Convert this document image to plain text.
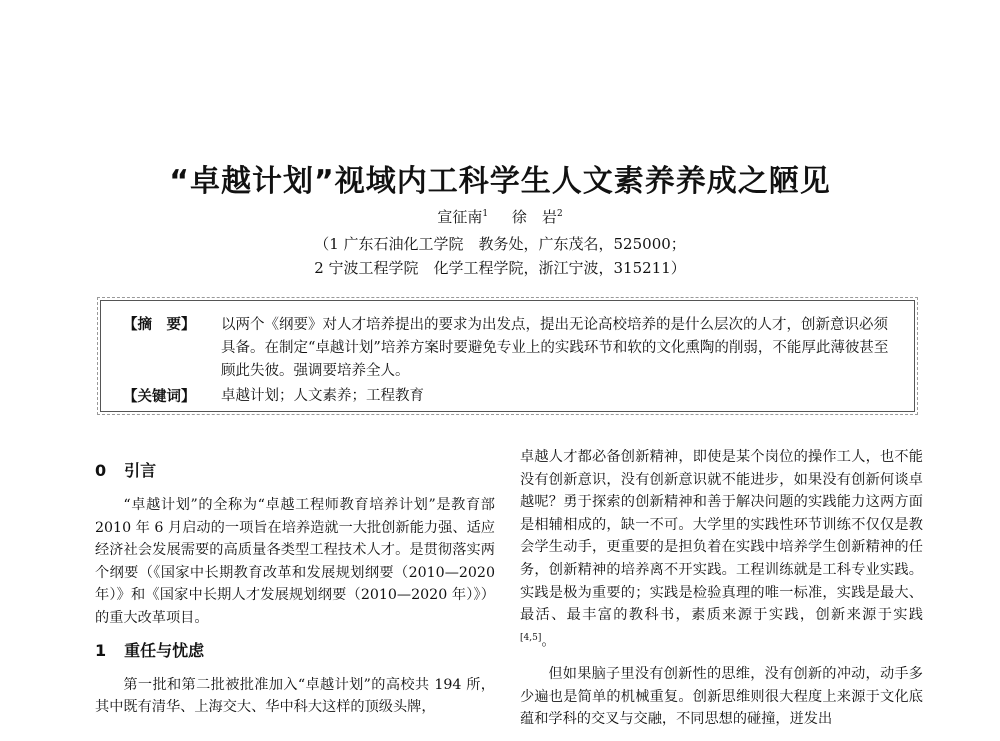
“卓越计划”视域内工科学生人文素养养成之陋见
宣征南$^1$ 徐　岩$^2$
（1 广东石油化工学院　教务处，广东茂名，525000；
2 宁波工程学院　化学工程学院，浙江宁波，315211）
【摘　要】 以两个《纲要》对人才培养提出的要求为出发点，提出无论高校培养的是什么层次的人才，创新意识必须具备。在制定“卓越计划”培养方案时要避免专业上的实践环节和软的文化熏陶的削弱，不能厚此薄彼甚至顾此失彼。强调要培养全人。
【关键词】 卓越计划；人文素养；工程教育
0 引言

“卓越计划”的全称为“卓越工程师教育培养计划”是教育部 2010 年 6 月启动的一项旨在培养造就一大批创新能力强、适应经济社会发展需要的高质量各类型工程技术人才。是贯彻落实两个纲要（《国家中长期教育改革和发展规划纲要（2010—2020 年）》和《国家中长期人才发展规划纲要（2010—2020 年）》）的重大改革项目。

1 重任与忧虑

第一批和第二批被批准加入“卓越计划”的高校共 194 所，其中既有清华、上海交大、华中科大这样的顶级头牌，

卓越人才都必备创新精神，即使是某个岗位的操作工人，也不能没有创新意识，没有创新意识就不能进步，如果没有创新何谈卓越呢？勇于探索的创新精神和善于解决问题的实践能力这两方面是相辅相成的，缺一不可。大学里的实践性环节训练不仅仅是教会学生动手，更重要的是担负着在实践中培养学生创新精神的任务，创新精神的培养离不开实践。工程训练就是工科专业实践。实践是极为重要的；实践是检验真理的唯一标准，实践是最大、最活、最丰富的教科书，素质来源于实践，创新来源于实践[4,5]。

但如果脑子里没有创新性的思维，没有创新的冲动，动手多少遍也是简单的机械重复。创新思维则很大程度上来源于文化底蕴和学科的交叉与交融，不同思想的碰撞，迸发出
